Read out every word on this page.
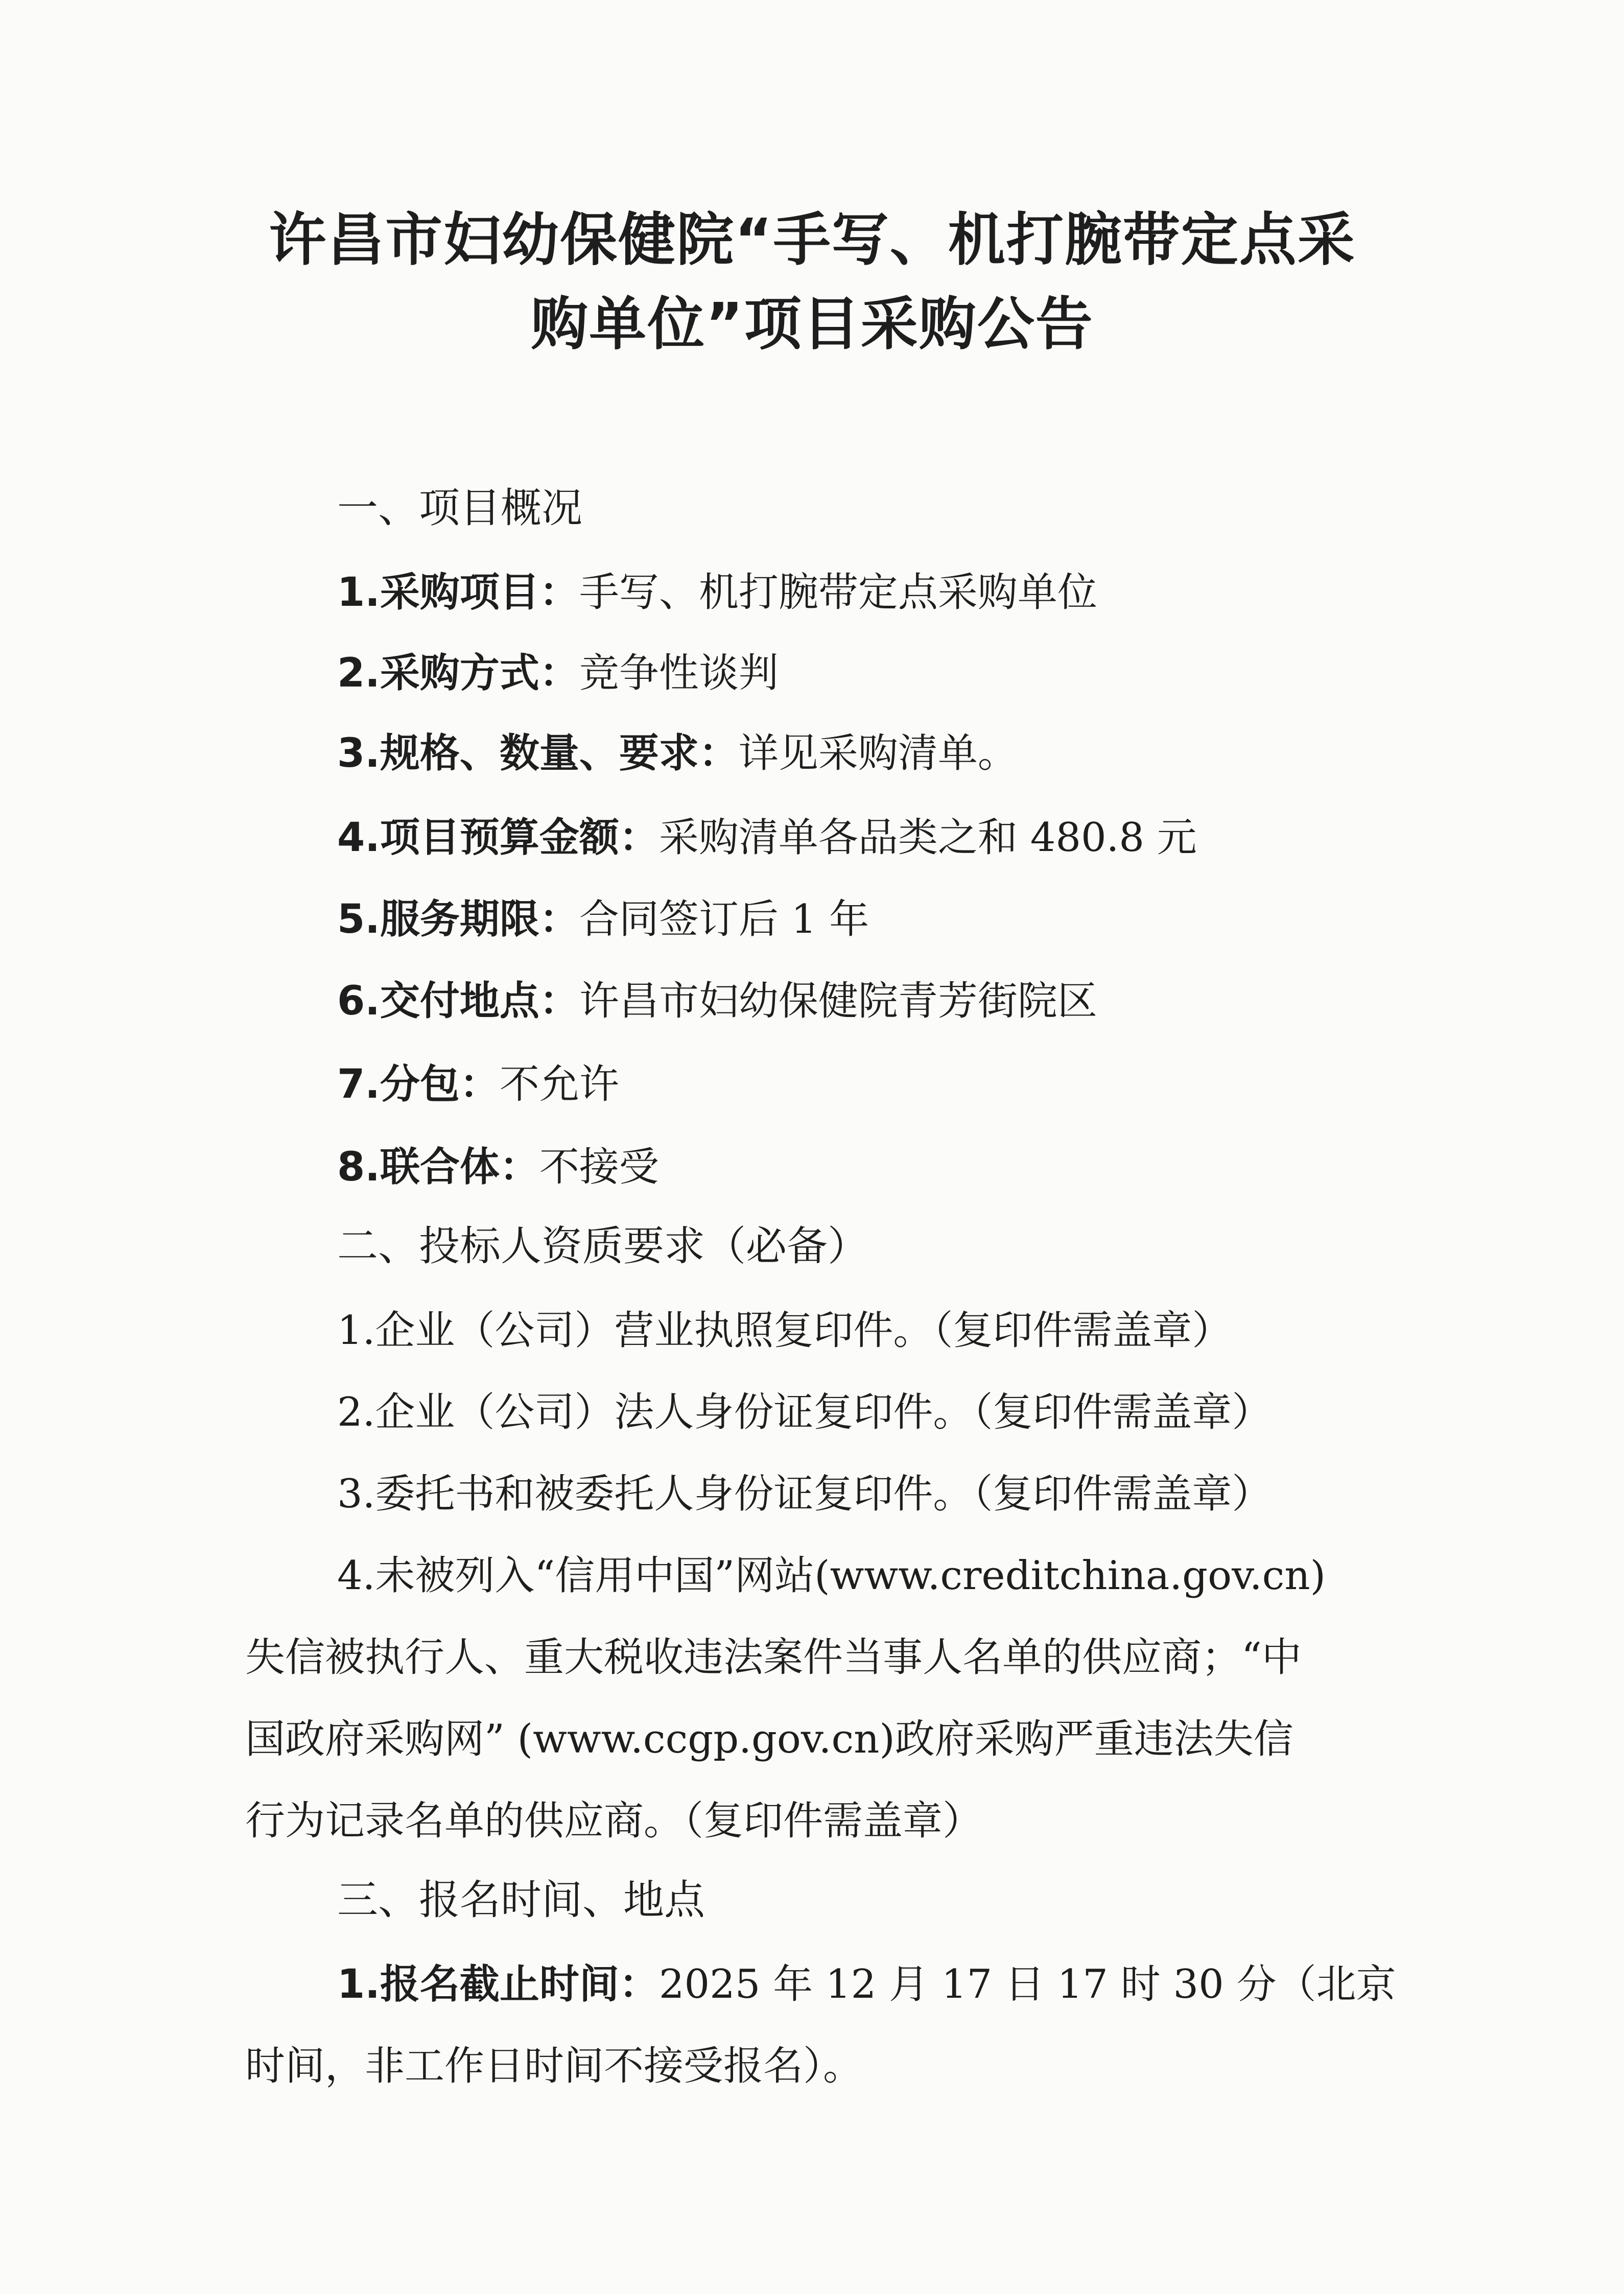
许昌市妇幼保健院“手写、机打腕带定点采
购单位”项目采购公告
一、项目概况
1.采购项目：手写、机打腕带定点采购单位
2.采购方式：竞争性谈判
3.规格、数量、要求：详见采购清单。
4.项目预算金额：采购清单各品类之和 480.8 元
5.服务期限：合同签订后 1 年
6.交付地点：许昌市妇幼保健院青芳街院区
7.分包：不允许
8.联合体：不接受
二、投标人资质要求（必备）
1.企业（公司）营业执照复印件。（复印件需盖章）
2.企业（公司）法人身份证复印件。（复印件需盖章）
3.委托书和被委托人身份证复印件。（复印件需盖章）
4.未被列入“信用中国”网站(www.creditchina.gov.cn)
失信被执行人、重大税收违法案件当事人名单的供应商；“中
国政府采购网” (www.ccgp.gov.cn)政府采购严重违法失信
行为记录名单的供应商。（复印件需盖章）
三、报名时间、地点
1.报名截止时间：2025 年 12 月 17 日 17 时 30 分（北京
时间，非工作日时间不接受报名）。
